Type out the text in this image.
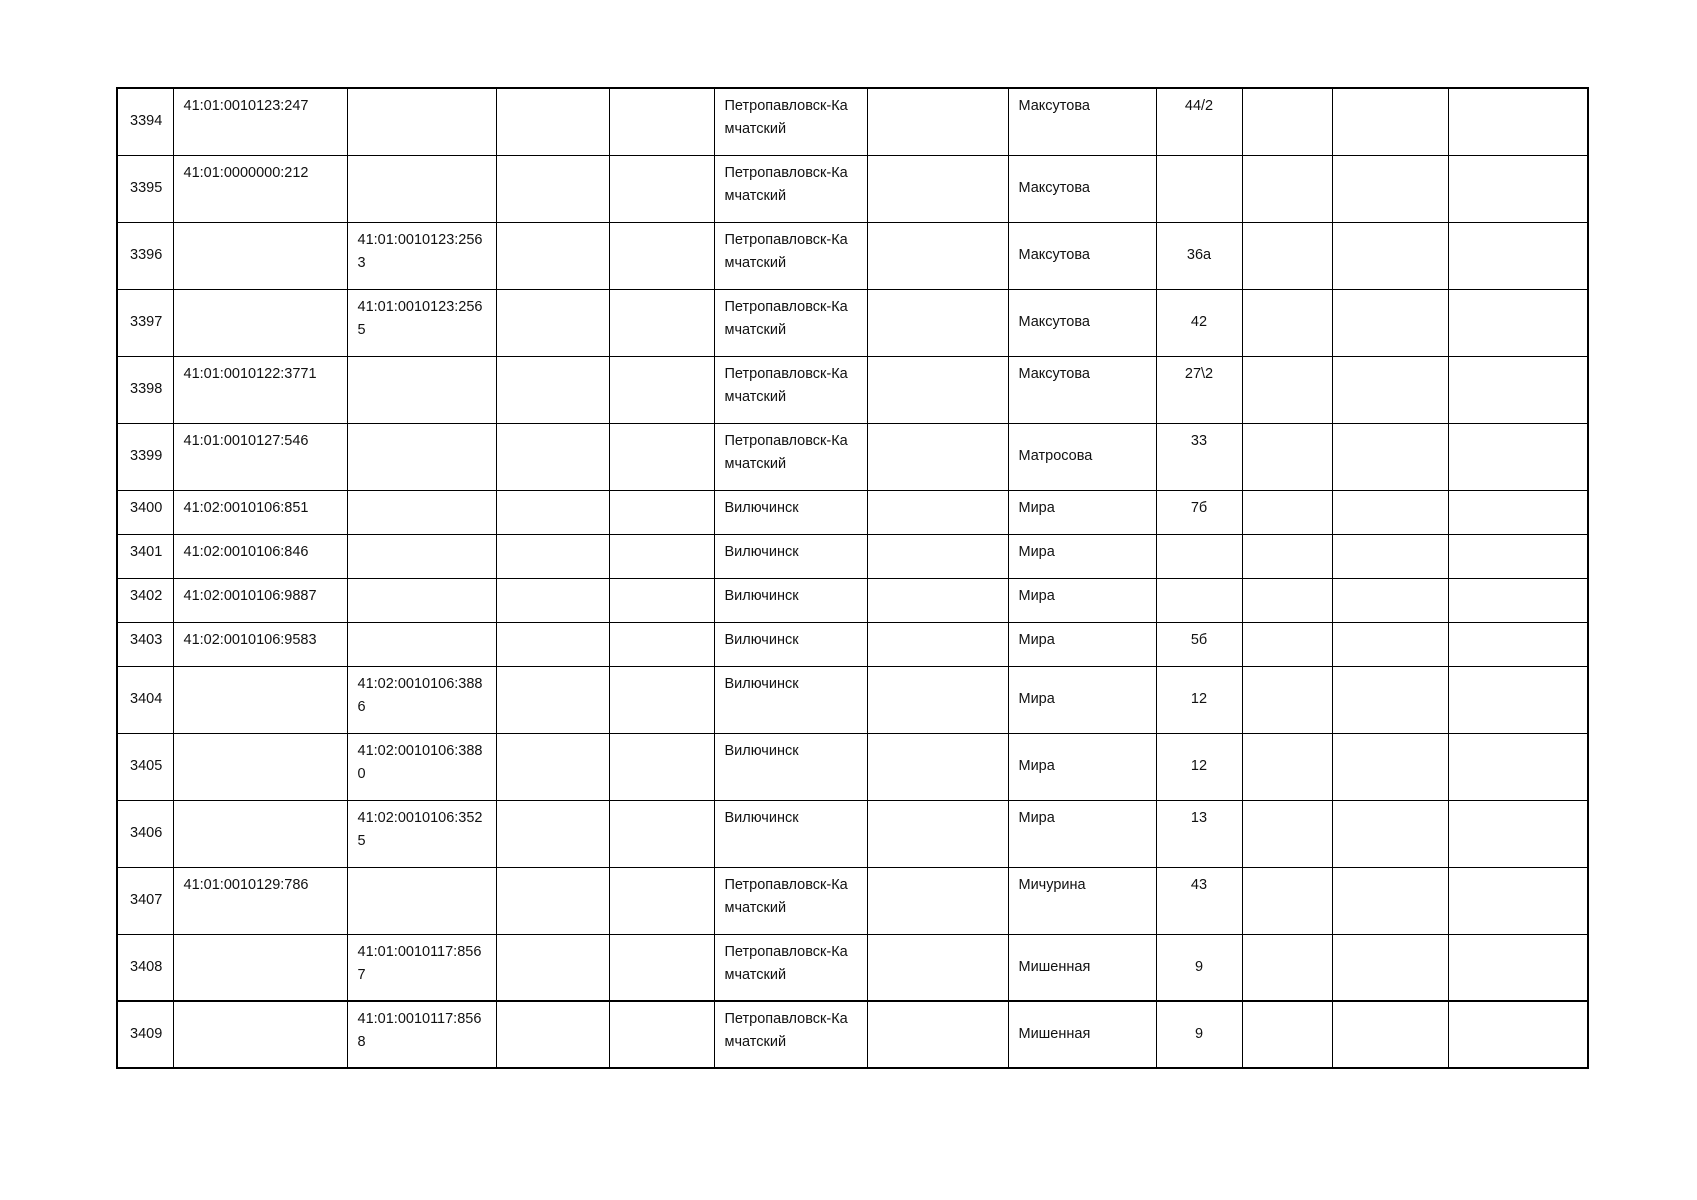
3394	41:01:0010123:247				Петропавловск-Камчатский		Максутова	44/2			
3395	41:01:0000000:212				Петропавловск-Камчатский		Максутова				
3396		41:01:0010123:2563			Петропавловск-Камчатский		Максутова	36а			
3397		41:01:0010123:2565			Петропавловск-Камчатский		Максутова	42			
3398	41:01:0010122:3771				Петропавловск-Камчатский		Максутова	27\2			
3399	41:01:0010127:546				Петропавловск-Камчатский		Матросова	33			
3400	41:02:0010106:851				Вилючинск		Мира	7б			
3401	41:02:0010106:846				Вилючинск		Мира				
3402	41:02:0010106:9887				Вилючинск		Мира				
3403	41:02:0010106:9583				Вилючинск		Мира	5б			
3404		41:02:0010106:3886			Вилючинск		Мира	12			
3405		41:02:0010106:3880			Вилючинск		Мира	12			
3406		41:02:0010106:3525			Вилючинск		Мира	13			
3407	41:01:0010129:786				Петропавловск-Камчатский		Мичурина	43			
3408		41:01:0010117:8567			Петропавловск-Камчатский		Мишенная	9			
3409		41:01:0010117:8568			Петропавловск-Камчатский		Мишенная	9			
